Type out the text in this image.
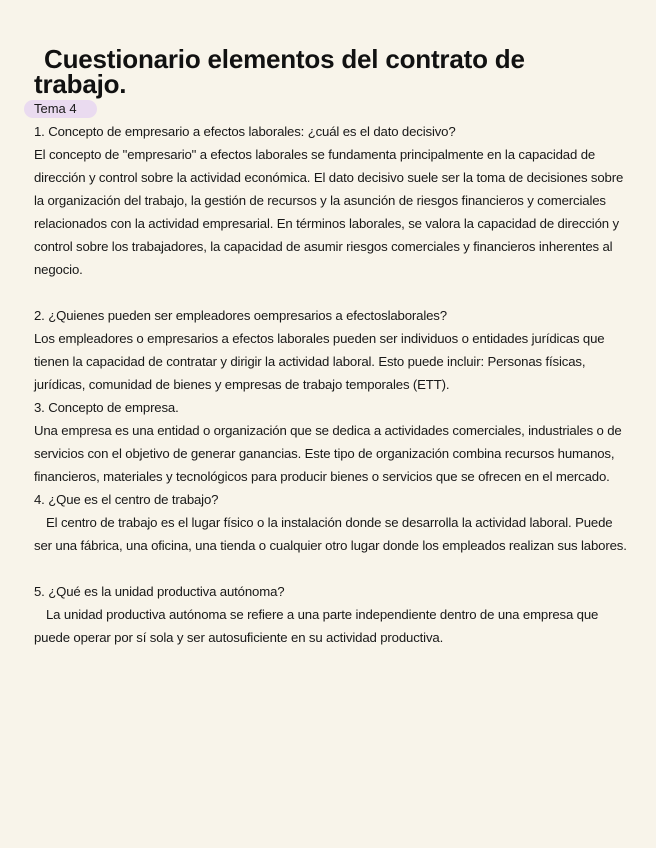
Cuestionario elementos del contrato de
trabajo.
Tema 4

1. Concepto de empresario a efectos laborales: ¿cuál es el dato decisivo?

El concepto de "empresario" a efectos laborales se fundamenta principalmente en la capacidad de dirección y control sobre la actividad económica. El dato decisivo suele ser la toma de decisiones sobre la organización del trabajo, la gestión de recursos y la asunción de riesgos financieros y comerciales relacionados con la actividad empresarial. En términos laborales, se valora la capacidad de dirección y control sobre los trabajadores, la capacidad de asumir riesgos comerciales y financieros inherentes al negocio.

2. ¿Quienes pueden ser empleadores oempresarios a efectoslaborales?

Los empleadores o empresarios a efectos laborales pueden ser individuos o entidades jurídicas que tienen la capacidad de contratar y dirigir la actividad laboral. Esto puede incluir: Personas físicas, jurídicas, comunidad de bienes y empresas de trabajo temporales (ETT).

3. Concepto de empresa.

Una empresa es una entidad o organización que se dedica a actividades comerciales, industriales o de servicios con el objetivo de generar ganancias. Este tipo de organización combina recursos humanos, financieros, materiales y tecnológicos para producir bienes o servicios que se ofrecen en el mercado.

4. ¿Que es el centro de trabajo?

El centro de trabajo es el lugar físico o la instalación donde se desarrolla la actividad laboral. Puede ser una fábrica, una oficina, una tienda o cualquier otro lugar donde los empleados realizan sus labores.

5. ¿Qué es la unidad productiva autónoma?

La unidad productiva autónoma se refiere a una parte independiente dentro de una empresa que puede operar por sí sola y ser autosuficiente en su actividad productiva.
